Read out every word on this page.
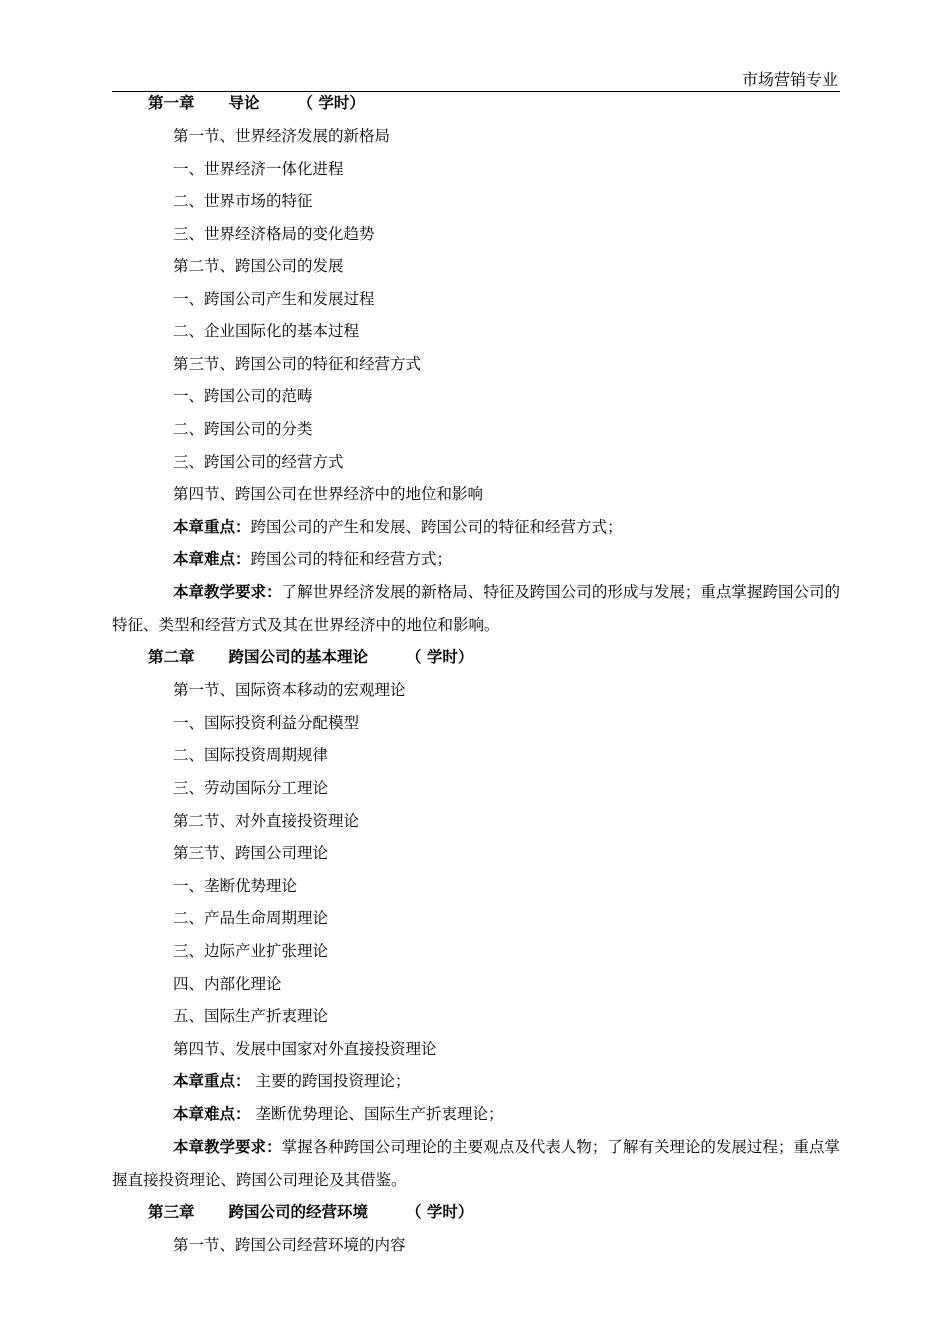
市场营销专业
第一章 导论 （ 学时）
第一节、世界经济发展的新格局
一、世界经济一体化进程
二、世界市场的特征
三、世界经济格局的变化趋势
第二节、跨国公司的发展
一、跨国公司产生和发展过程
二、企业国际化的基本过程
第三节、跨国公司的特征和经营方式
一、跨国公司的范畴
二、跨国公司的分类
三、跨国公司的经营方式
第四节、跨国公司在世界经济中的地位和影响
本章重点：跨国公司的产生和发展、跨国公司的特征和经营方式；
本章难点：跨国公司的特征和经营方式；
本章教学要求：了解世界经济发展的新格局、特征及跨国公司的形成与发展；重点掌握跨国公司的特征、类型和经营方式及其在世界经济中的地位和影响。
第二章 跨国公司的基本理论 （ 学时）
第一节、国际资本移动的宏观理论
一、国际投资利益分配模型
二、国际投资周期规律
三、劳动国际分工理论
第二节、对外直接投资理论
第三节、跨国公司理论
一、垄断优势理论
二、产品生命周期理论
三、边际产业扩张理论
四、内部化理论
五、国际生产折衷理论
第四节、发展中国家对外直接投资理论
本章重点： 主要的跨国投资理论；
本章难点： 垄断优势理论、国际生产折衷理论；
本章教学要求：掌握各种跨国公司理论的主要观点及代表人物；了解有关理论的发展过程；重点掌握直接投资理论、跨国公司理论及其借鉴。
第三章 跨国公司的经营环境 （ 学时）
第一节、跨国公司经营环境的内容
